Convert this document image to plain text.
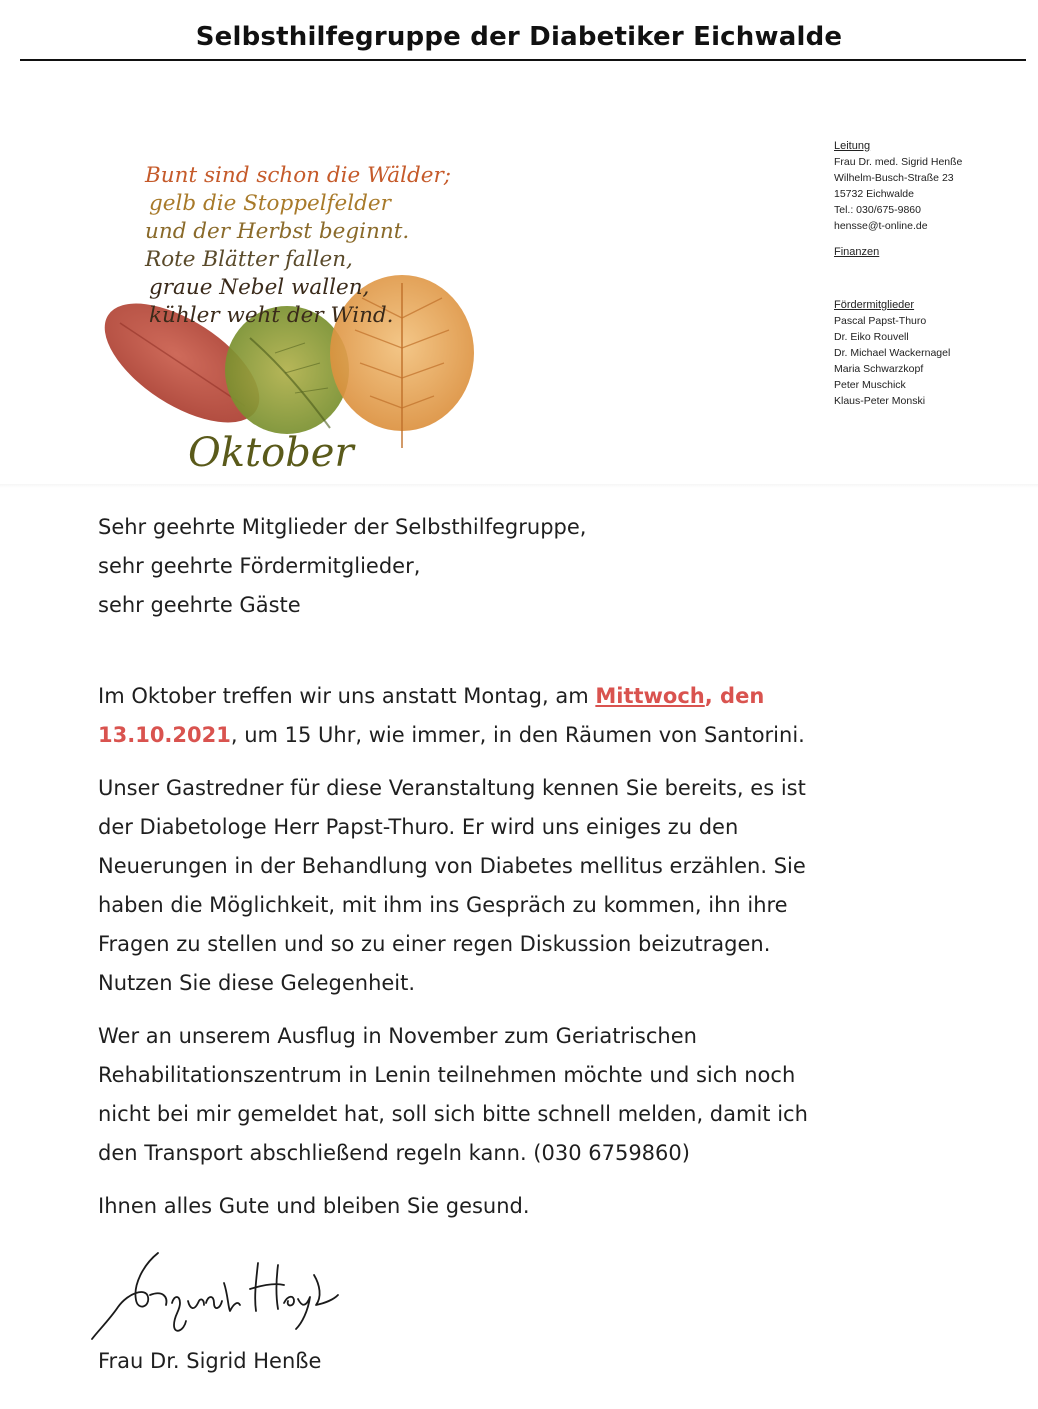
Selbsthilfegruppe der Diabetiker Eichwalde
Bunt sind schon die Wälder;
gelb die Stoppelfelder
und der Herbst beginnt.
Rote Blätter fallen,
graue Nebel wallen,
kühler weht der Wind.
Oktober
Leitung
Frau Dr. med. Sigrid Henße
Wilhelm-Busch-Straße 23
15732 Eichwalde
Tel.: 030/675-9860
hensse@t-online.de
Finanzen
Fördermitglieder
Pascal Papst-Thuro
Dr. Eiko Rouvell
Dr. Michael Wackernagel
Maria Schwarzkopf
Peter Muschick
Klaus-Peter Monski

Sehr geehrte Mitglieder der Selbsthilfegruppe,
sehr geehrte Fördermitglieder,
sehr geehrte Gäste

Im Oktober treffen wir uns anstatt Montag, am Mittwoch, den
13.10.2021, um 15 Uhr, wie immer, in den Räumen von Santorini.

Unser Gastredner für diese Veranstaltung kennen Sie bereits, es ist
der Diabetologe Herr Papst-Thuro. Er wird uns einiges zu den
Neuerungen in der Behandlung von Diabetes mellitus erzählen. Sie
haben die Möglichkeit, mit ihm ins Gespräch zu kommen, ihn ihre
Fragen zu stellen und so zu einer regen Diskussion beizutragen.
Nutzen Sie diese Gelegenheit.

Wer an unserem Ausflug in November zum Geriatrischen
Rehabilitationszentrum in Lenin teilnehmen möchte und sich noch
nicht bei mir gemeldet hat, soll sich bitte schnell melden, damit ich
den Transport abschließend regeln kann. (030 6759860)

Ihnen alles Gute und bleiben Sie gesund.

Frau Dr. Sigrid Henße
